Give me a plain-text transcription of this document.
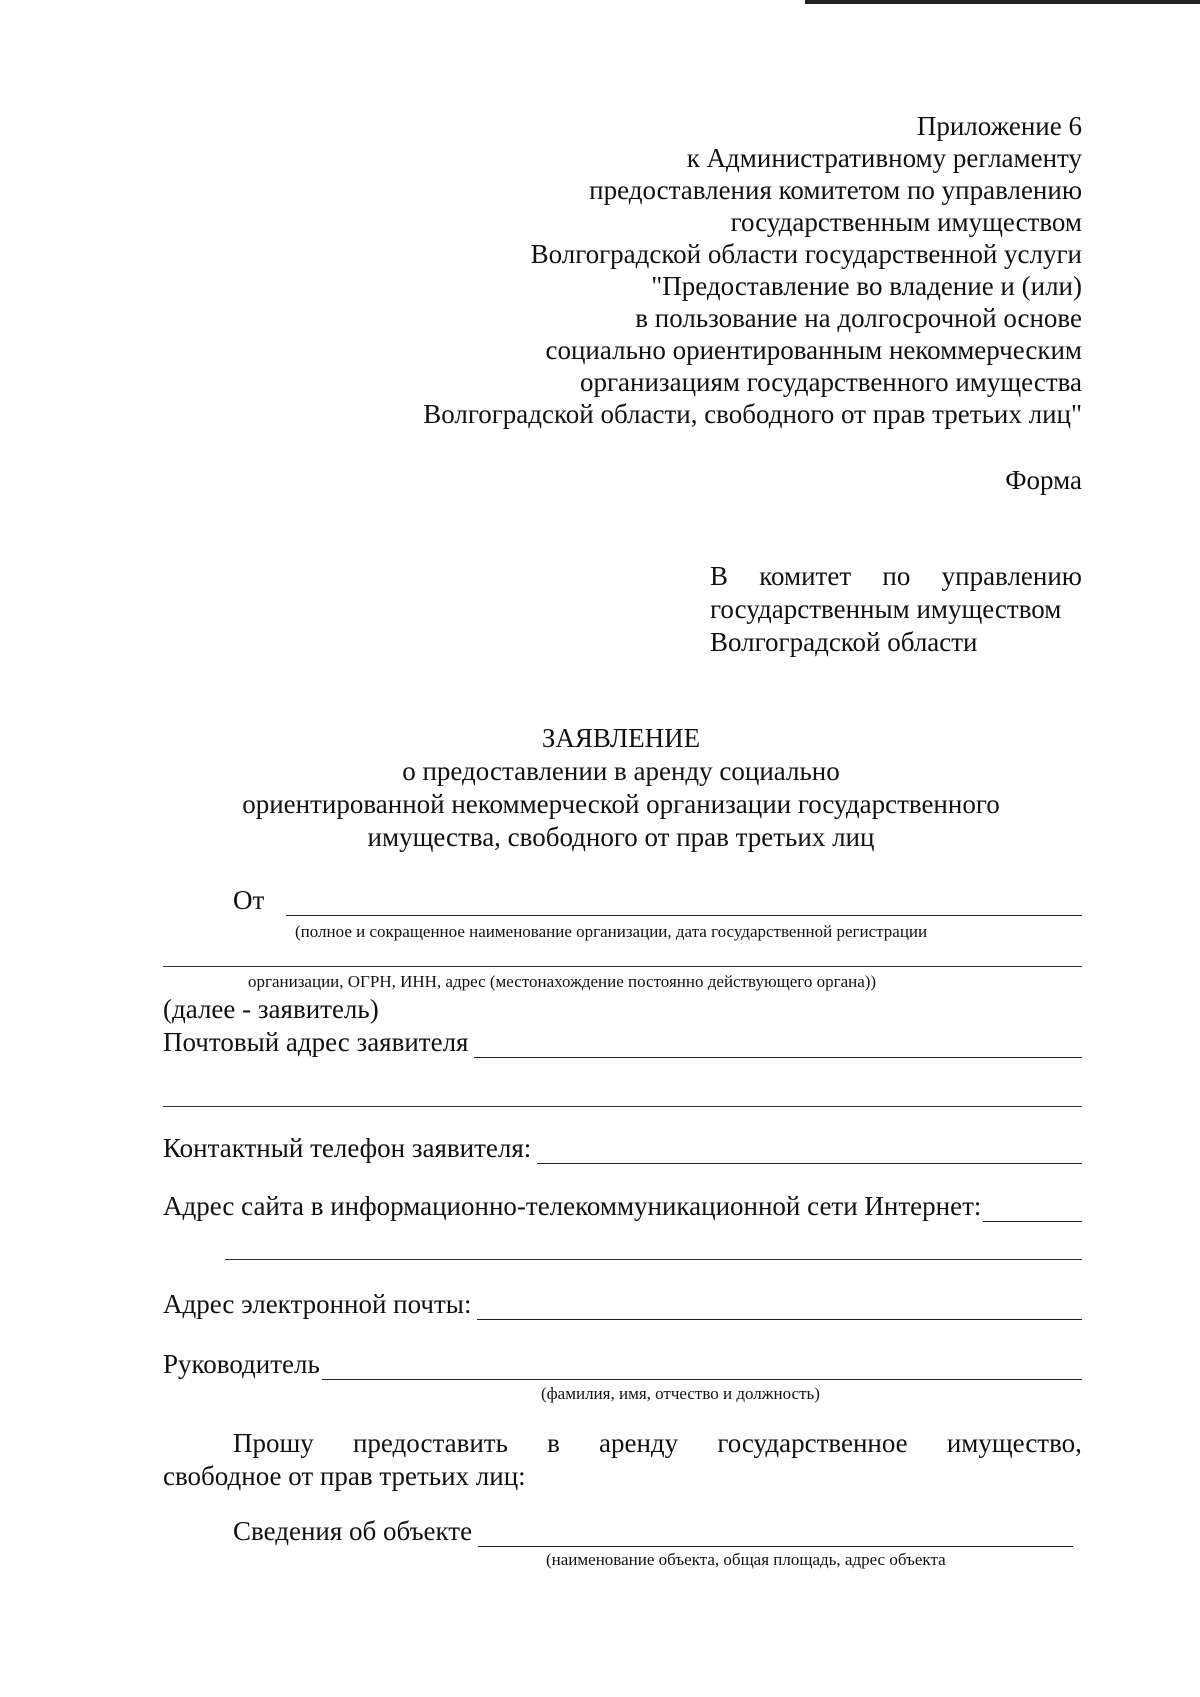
Приложение 6
к Административному регламенту
предоставления комитетом по управлению
государственным имуществом
Волгоградской области государственной услуги
"Предоставление во владение и (или)
в пользование на долгосрочной основе
социально ориентированным некоммерческим
организациям государственного имущества
Волгоградской области, свободного от прав третьих лиц"
Форма
В комитет по управлению
государственным имуществом
Волгоградской области
ЗАЯВЛЕНИЕ
о предоставлении в аренду социально
ориентированной некоммерческой организации государственного
имущества, свободного от прав третьих лиц
От
(полное и сокращенное наименование организации, дата государственной регистрации
организации, ОГРН, ИНН, адрес (местонахождение постоянно действующего органа))
(далее - заявитель)
Почтовый адрес заявителя
Контактный телефон заявителя:
Адрес сайта в информационно-телекоммуникационной сети Интернет:
Адрес электронной почты:
Руководитель
(фамилия, имя, отчество и должность)
Прошу предоставить в аренду государственное имущество,
свободное от прав третьих лиц:
Сведения об объекте
(наименование объекта, общая площадь, адрес объекта
